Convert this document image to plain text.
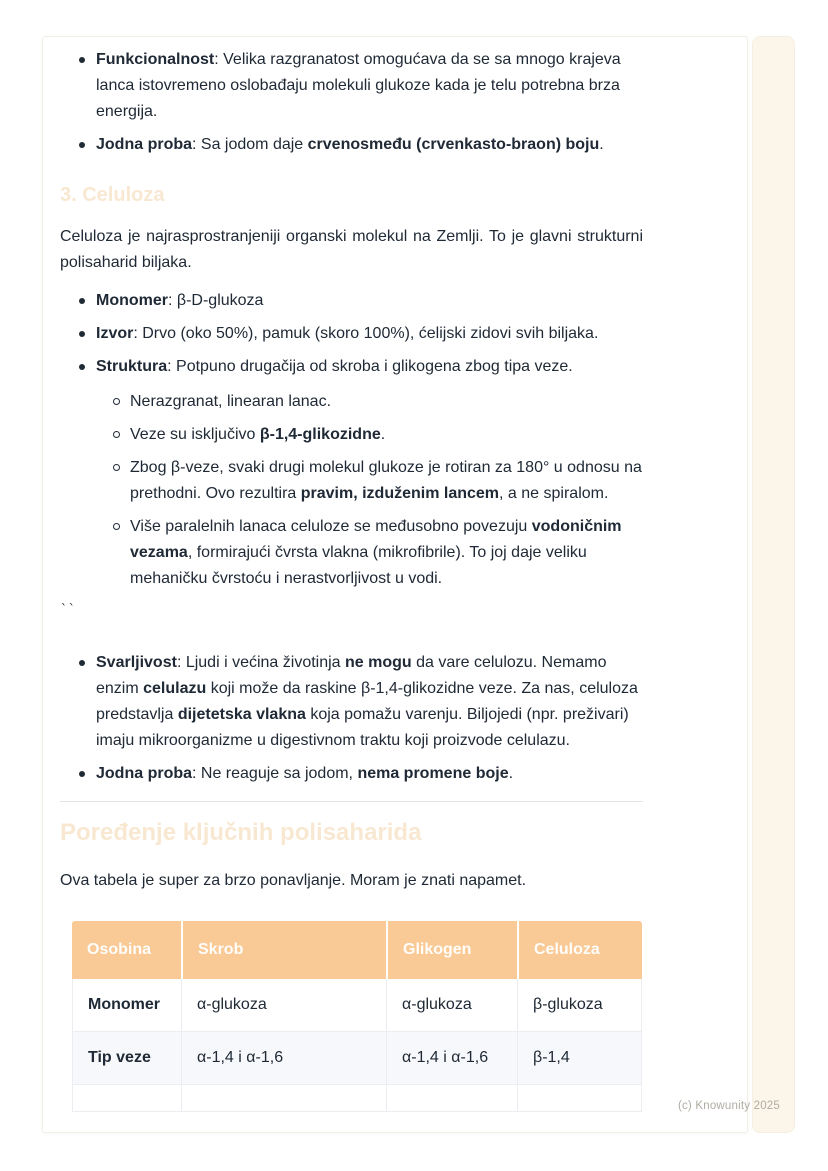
Funkcionalnost: Velika razgranatost omogućava da se sa mnogo krajeva lanca istovremeno oslobađaju molekuli glukoze kada je telu potrebna brza energija.
Jodna proba: Sa jodom daje crvenosmeđu (crvenkasto-braon) boju.
3. Celuloza

Celuloza je najrasprostranjeniji organski molekul na Zemlji. To je glavni strukturni polisaharid biljaka.

Monomer: β-D-glukoza
Izvor: Drvo (oko 50%), pamuk (skoro 100%), ćelijski zidovi svih biljaka.
Struktura: Potpuno drugačija od skroba i glikogena zbog tipa veze.
Nerazgranat, linearan lanac.
Veze su isključivo β-1,4-glikozidne.
Zbog β-veze, svaki drugi molekul glukoze je rotiran za 180° u odnosu na prethodni. Ovo rezultira pravim, izduženim lancem, a ne spiralom.
Više paralelnih lanaca celuloze se međusobno povezuju vodoničnim vezama, formirajući čvrsta vlakna (mikrofibrile). To joj daje veliku mehaničku čvrstoću i nerastvorljivost u vodi.
``
Svarljivost: Ljudi i većina životinja ne mogu da vare celulozu. Nemamo enzim celulazu koji može da raskine β-1,4-glikozidne veze. Za nas, celuloza predstavlja dijetetska vlakna koja pomažu varenju. Biljojedi (npr. preživari) imaju mikroorganizme u digestivnom traktu koji proizvode celulazu.
Jodna proba: Ne reaguje sa jodom, nema promene boje.
Poređenje ključnih polisaharida

Ova tabela je super za brzo ponavljanje. Moram je znati napamet.

Osobina	Skrob	Glikogen	Celuloza
Monomer	α-glukoza	α-glukoza	β-glukoza
Tip veze	α-1,4 i α-1,6	α-1,4 i α-1,6	β-1,4

(c) Knowunity 2025
